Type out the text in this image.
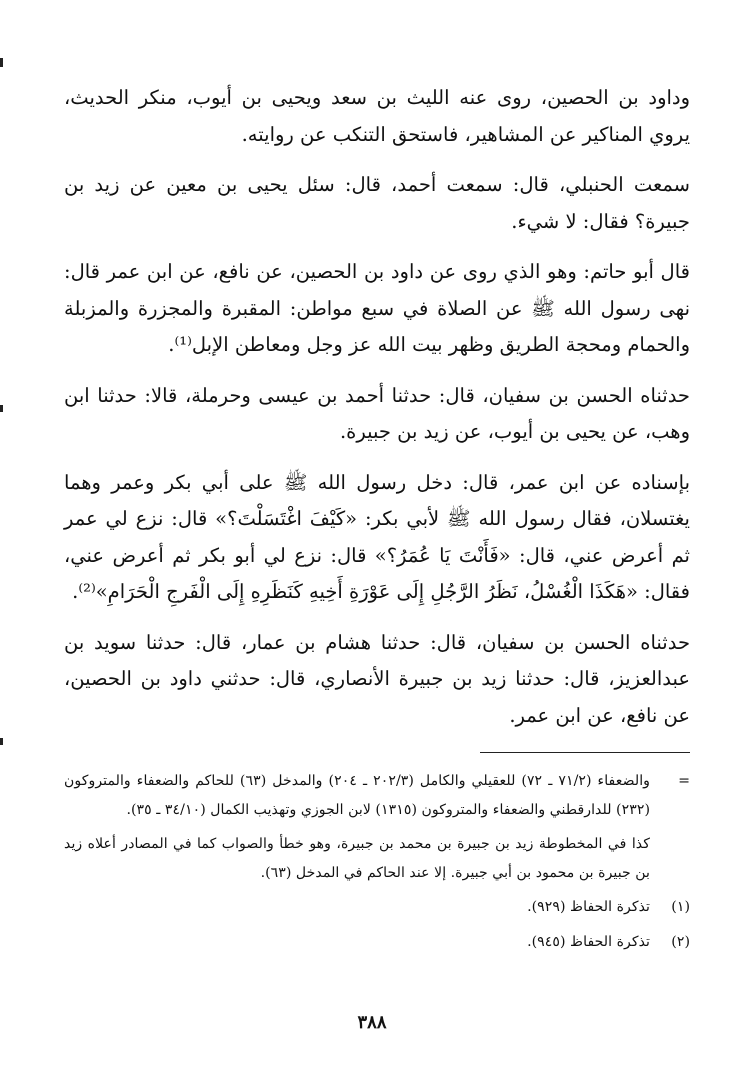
وداود بن الحصين، روى عنه الليث بن سعد ويحيى بن أيوب، منكر الحديث، يروي المناكير عن المشاهير، فاستحق التنكب عن روايته.

سمعت الحنبلي، قال: سمعت أحمد، قال: سئل يحيى بن معين عن زيد بن جبيرة؟ فقال: لا شيء.

قال أبو حاتم: وهو الذي روى عن داود بن الحصين، عن نافع، عن ابن عمر قال: نهى رسول الله ﷺ عن الصلاة في سبع مواطن: المقبرة والمجزرة والمزبلة والحمام ومحجة الطريق وظهر بيت الله عز وجل ومعاطن الإبل⁽¹⁾.

حدثناه الحسن بن سفيان، قال: حدثنا أحمد بن عيسى وحرملة، قالا: حدثنا ابن وهب، عن يحيى بن أيوب، عن زيد بن جبيرة.

بإسناده عن ابن عمر، قال: دخل رسول الله ﷺ على أبي بكر وعمر وهما يغتسلان، فقال رسول الله ﷺ لأبي بكر: «كَيْفَ اغْتَسَلْتَ؟» قال: نزع لي عمر ثم أعرض عني، قال: «فَأَنْتَ يَا عُمَرُ؟» قال: نزع لي أبو بكر ثم أعرض عني، فقال: «هَكَذَا الْغُسْلُ، نَظَرُ الرَّجُلِ إِلَى عَوْرَةِ أَخِيهِ كَنَظَرِهِ إِلَى الْفَرجِ الْحَرَامِ»⁽²⁾.

حدثناه الحسن بن سفيان، قال: حدثنا هشام بن عمار، قال: حدثنا سويد بن عبدالعزيز، قال: حدثنا زيد بن جبيرة الأنصاري، قال: حدثني داود بن الحصين، عن نافع، عن ابن عمر.

=
والضعفاء (٧١/٢ ـ ٧٢) للعقيلي والكامل (٢٠٢/٣ ـ ٢٠٤) والمدخل (٦٣) للحاكم والضعفاء والمتروكون (٢٣٢) للدارقطني والضعفاء والمتروكون (١٣١٥) لابن الجوزي وتهذيب الكمال (٣٤/١٠ ـ ٣٥).

كذا في المخطوطة زيد بن جبيرة بن محمد بن جبيرة، وهو خطأ والصواب كما في المصادر أعلاه زيد بن جبيرة بن محمود بن أبي جبيرة. إلا عند الحاكم في المدخل (٦٣).

(١)
تذكرة الحفاظ (٩٢٩).
(٢)
تذكرة الحفاظ (٩٤٥).
٣٨٨
